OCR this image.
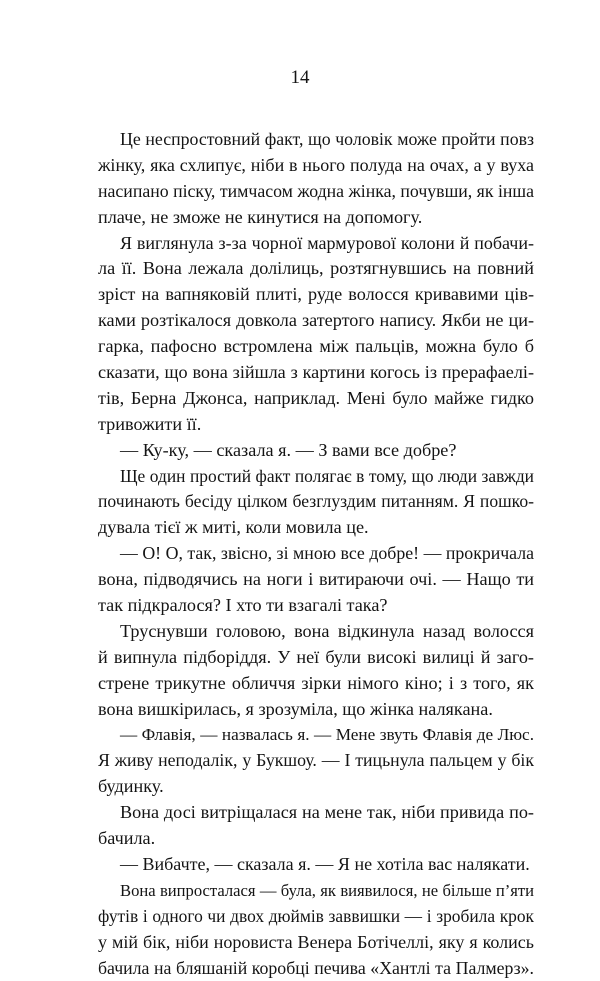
14
Це неспростовний факт, що чоловік може пройти повз
жінку, яка схлипує, ніби в нього полуда на очах, а у вуха
насипано піску, тимчасом жодна жінка, почувши, як інша
плаче, не зможе не кинутися на допомогу.
Я виглянула з-за чорної мармурової колони й побачи-
ла її. Вона лежала долілиць, розтягнувшись на повний
зріст на вапняковій плиті, руде волосся кривавими ців-
ками розтікалося довкола затертого напису. Якби не ци-
гарка, пафосно встромлена між пальців, можна було б
сказати, що вона зійшла з картини когось із прерафаелі-
тів, Берна Джонса, наприклад. Мені було майже гидко
тривожити її.
— Ку-ку, — сказала я. — З вами все добре?
Ще один простий факт полягає в тому, що люди завжди
починають бесіду цілком безглуздим питанням. Я пошко-
дувала тієї ж миті, коли мовила це.
— О! О, так, звісно, зі мною все добре! — прокричала
вона, підводячись на ноги і витираючи очі. — Нащо ти
так підкралося? І хто ти взагалі така?
Труснувши головою, вона відкинула назад волосся
й випнула підборіддя. У неї були високі вилиці й заго-
стрене трикутне обличчя зірки німого кіно; і з того, як
вона вишкірилась, я зрозуміла, що жінка налякана.
— Флавія, — назвалась я. — Мене звуть Флавія де Люс.
Я живу неподалік, у Букшоу. — І тицьнула пальцем у бік
будинку.
Вона досі витріщалася на мене так, ніби привида по-
бачила.
— Вибачте, — сказала я. — Я не хотіла вас налякати.
Вона випросталася — була, як виявилося, не більше п’яти
футів і одного чи двох дюймів заввишки — і зробила крок
у мій бік, ніби норовиста Венера Ботічеллі, яку я колись
бачила на бляшаній коробці печива «Хантлі та Палмерз».
